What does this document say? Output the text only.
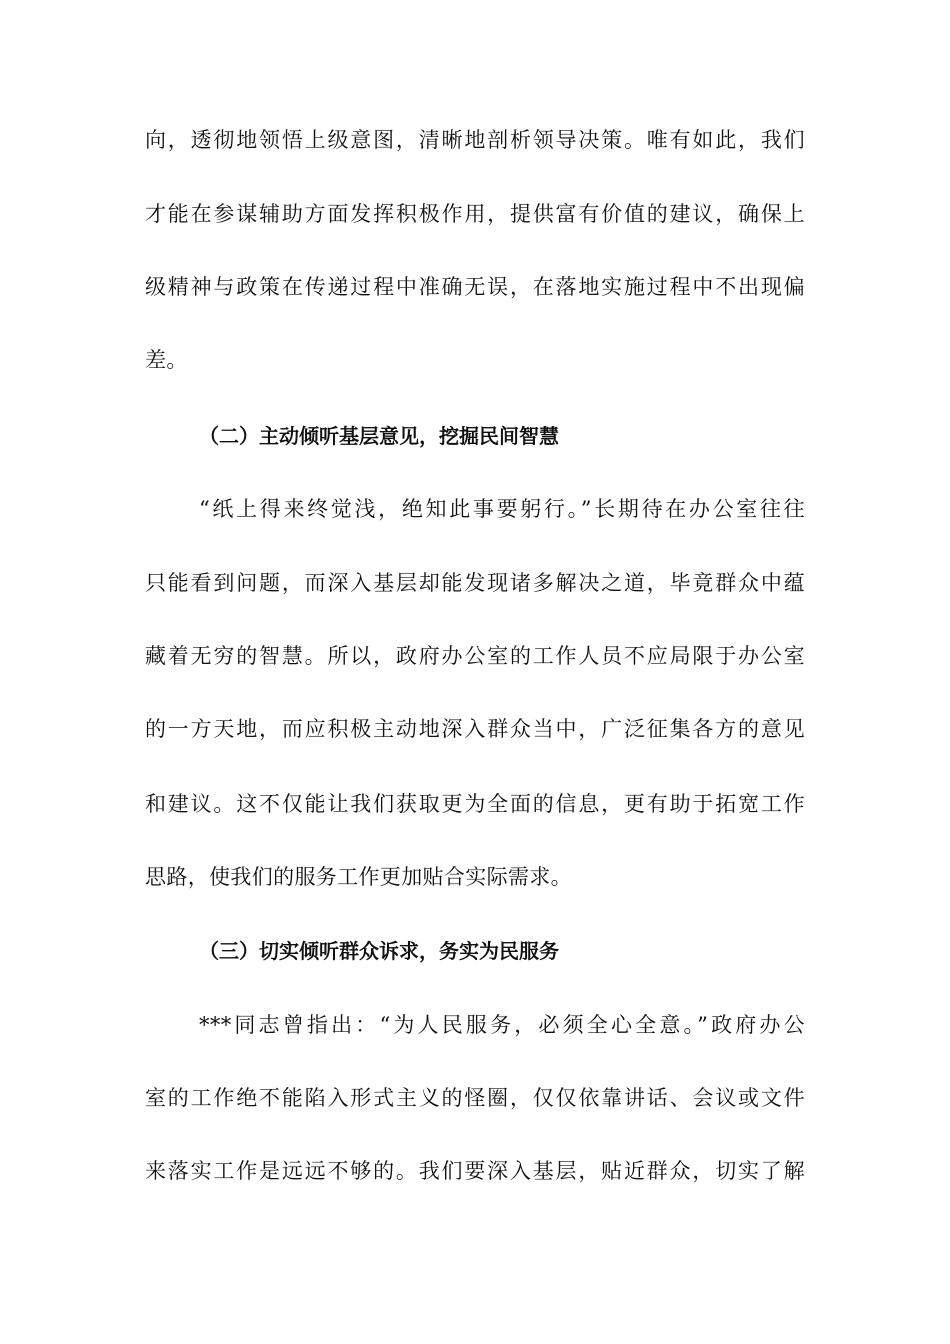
向，透彻地领悟上级意图，清晰地剖析领导决策。唯有如此，我们
才能在参谋辅助方面发挥积极作用，提供富有价值的建议，确保上
级精神与政策在传递过程中准确无误，在落地实施过程中不出现偏
差。
（二）主动倾听基层意见，挖掘民间智慧
“纸上得来终觉浅，绝知此事要躬行。”长期待在办公室往往
只能看到问题，而深入基层却能发现诸多解决之道，毕竟群众中蕴
藏着无穷的智慧。所以，政府办公室的工作人员不应局限于办公室
的一方天地，而应积极主动地深入群众当中，广泛征集各方的意见
和建议。这不仅能让我们获取更为全面的信息，更有助于拓宽工作
思路，使我们的服务工作更加贴合实际需求。
（三）切实倾听群众诉求，务实为民服务
***同志曾指出：“为人民服务，必须全心全意。”政府办公
室的工作绝不能陷入形式主义的怪圈，仅仅依靠讲话、会议或文件
来落实工作是远远不够的。我们要深入基层，贴近群众，切实了解
